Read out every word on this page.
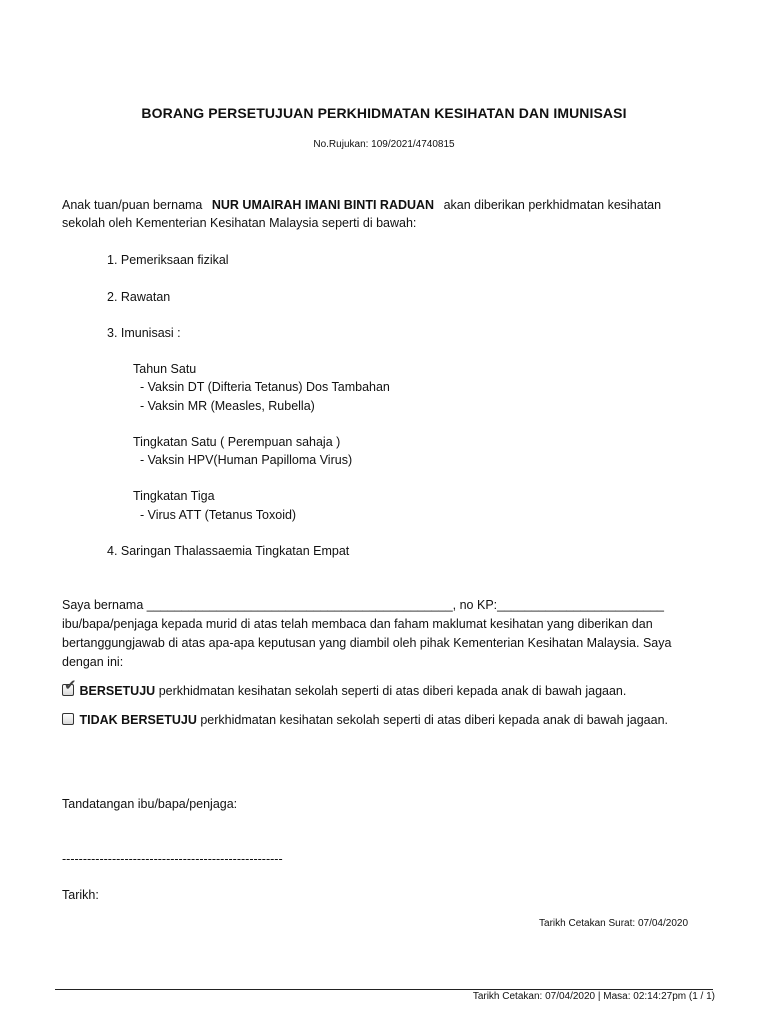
BORANG PERSETUJUAN PERKHIDMATAN KESIHATAN DAN IMUNISASI
No.Rujukan: 109/2021/4740815
Anak tuan/puan bernama NUR UMAIRAH IMANI BINTI RADUAN akan diberikan perkhidmatan kesihatan
sekolah oleh Kementerian Kesihatan Malaysia seperti di bawah:
1. Pemeriksaan fizikal
2. Rawatan
3. Imunisasi :
Tahun Satu
- Vaksin DT (Difteria Tetanus) Dos Tambahan
- Vaksin MR (Measles, Rubella)
Tingkatan Satu ( Perempuan sahaja )
- Vaksin HPV(Human Papilloma Virus)
Tingkatan Tiga
- Virus ATT (Tetanus Toxoid)
4. Saringan Thalassaemia Tingkatan Empat
Saya bernama ____________________________________________, no KP:________________________
ibu/bapa/penjaga kepada murid di atas telah membaca dan faham maklumat kesihatan yang diberikan dan
bertanggungjawab di atas apa-apa keputusan yang diambil oleh pihak Kementerian Kesihatan Malaysia. Saya
dengan ini:
✔ BERSETUJU perkhidmatan kesihatan sekolah seperti di atas diberi kepada anak di bawah jagaan.
TIDAK BERSETUJU perkhidmatan kesihatan sekolah seperti di atas diberi kepada anak di bawah jagaan.
Tandatangan ibu/bapa/penjaga:
-----------------------------------------------------
Tarikh:
Tarikh Cetakan Surat: 07/04/2020
Tarikh Cetakan: 07/04/2020 | Masa: 02:14:27pm (1 / 1)
